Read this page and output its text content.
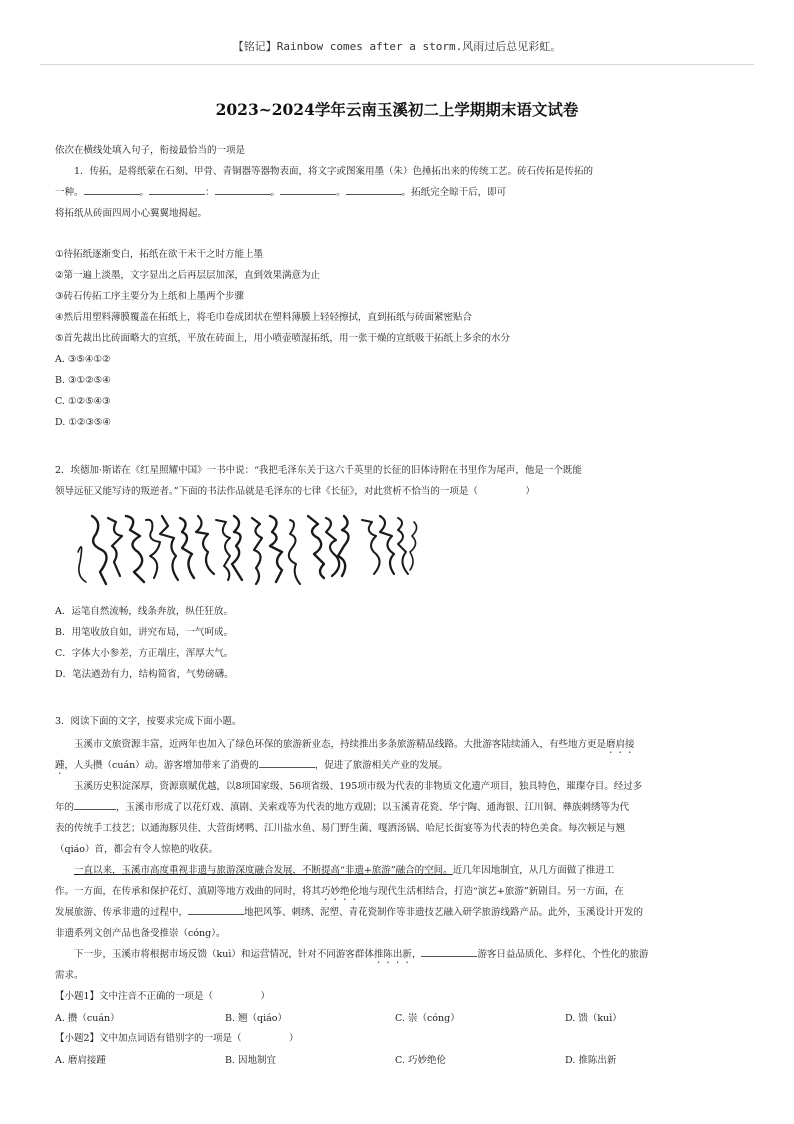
【铭记】Rainbow comes after a storm.风雨过后总见彩虹。
2023~2024学年云南玉溪初二上学期期末语文试卷
依次在横线处填入句子，衔接最恰当的一项是
1．传拓，是将纸蒙在石刻、甲骨、青铜器等器物表面，将文字或图案用墨（朱）色捶拓出来的传统工艺。砖石传拓是传拓的
一种。	。	：	。	。	。拓纸完全晾干后，即可
将拓纸从砖面四周小心翼翼地揭起。
①待拓纸逐渐变白，拓纸在欲干未干之时方能上墨
②第一遍上淡墨，文字显出之后再层层加深，直到效果满意为止
③砖石传拓工序主要分为上纸和上墨两个步骤
④然后用塑料薄膜覆盖在拓纸上，将毛巾卷成团状在塑料薄膜上轻轻擦拭，直到拓纸与砖面紧密贴合
⑤首先裁出比砖面略大的宣纸，平放在砖面上，用小喷壶喷湿拓纸，用一张干燥的宣纸吸干拓纸上多余的水分
A. ③⑤④①②
B. ③①②⑤④
C. ①②⑤④③
D. ①②③⑤④
2．埃德加·斯诺在《红星照耀中国》一书中说：“我把毛泽东关于这六千英里的长征的旧体诗附在书里作为尾声，他是一个既能
领导远征又能写诗的叛逆者。”下面的书法作品就是毛泽东的七律《长征》，对此赏析不恰当的一项是（　　　　　）
A．运笔自然流畅，线条奔放，纵任狂放。
B．用笔收放自如，讲究布局，一气呵成。
C．字体大小参差，方正端庄，浑厚大气。
D．笔法遒劲有力，结构简省，气势磅礴。
3．阅读下面的文字，按要求完成下面小题。
玉溪市文旅资源丰富，近两年也加入了绿色环保的旅游新业态，持续推出多条旅游精品线路。大批游客陆续涌入，有些地方更是磨肩接
踵，人头攒（cuán）动。游客增加带来了消费的	，促进了旅游相关产业的发展。
玉溪历史积淀深厚，资源禀赋优越，以8项国家级、56项省级、195项市级为代表的非物质文化遗产项目，独具特色，璀璨夺目。经过多
年的	，玉溪市形成了以花灯戏、滇剧、关索戏等为代表的地方戏剧；以玉溪青花瓷、华宁陶、通海银、江川铜、彝族刺绣等为代
表的传统手工技艺；以通海豚贝佳、大营街烤鸭、江川盐水鱼、易门野生菌、嘎洒汤锅、哈尼长街宴等为代表的特色美食。每次顿足与翘
（qiáo）首，都会有令人惊艳的收获。
一直以来，玉溪市高度重视非遗与旅游深度融合发展，不断提高“非遗+旅游”融合的空间。近几年因地制宜，从几方面做了推进工
作。一方面，在传承和保护花灯、滇剧等地方戏曲的同时，将其巧妙绝伦地与现代生活相结合，打造“演艺+旅游”新剧目。另一方面，在
发展旅游、传承非遗的过程中，	地把风筝、刺绣、泥塑、青花瓷制作等非遗技艺融入研学旅游线路产品。此外，玉溪设计开发的
非遗系列文创产品也备受推崇（cóng）。
下一步，玉溪市将根据市场反馈（kuì）和运营情况，针对不同游客群体推陈出新，	游客日益品质化、多样化、个性化的旅游
需求。
【小题1】文中注音不正确的一项是（　　　　　）
A. 攒（cuán）	B. 翘（qiáo）	C. 崇（cóng）	D. 馈（kuì）
【小题2】文中加点词语有错别字的一项是（　　　　　）
A. 磨肩接踵	B. 因地制宜	C. 巧妙绝伦	D. 推陈出新
